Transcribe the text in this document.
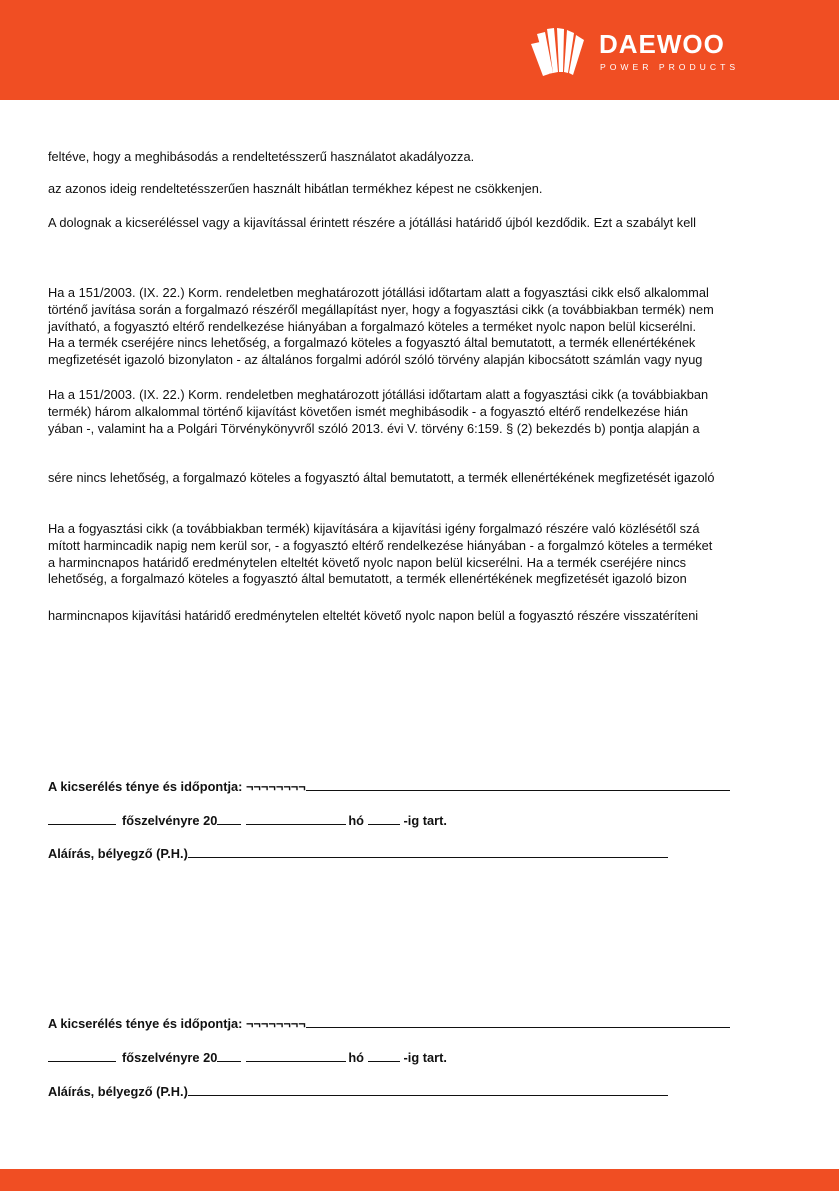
DAEWOO
POWER PRODUCTS
feltéve, hogy a meghibásodás a rendeltetésszerű használatot akadályozza.
az azonos ideig rendeltetésszerűen használt hibátlan termékhez képest ne csökkenjen.
A dolognak a kicseréléssel vagy a kijavítással érintett részére a jótállási határidő újból kezdődik. Ezt a szabályt kell
Ha a 151/2003. (IX. 22.) Korm. rendeletben meghatározott jótállási időtartam alatt a fogyasztási cikk első alkalommal
történő javítása során a forgalmazó részéről megállapítást nyer, hogy a fogyasztási cikk (a továbbiakban termék) nem
javítható, a fogyasztó eltérő rendelkezése hiányában a forgalmazó köteles a terméket nyolc napon belül kicserélni.
Ha a termék cseréjére nincs lehetőség, a forgalmazó köteles a fogyasztó által bemutatott, a termék ellenértékének
megfizetését igazoló bizonylaton - az általános forgalmi adóról szóló törvény alapján kibocsátott számlán vagy nyug
Ha a 151/2003. (IX. 22.) Korm. rendeletben meghatározott jótállási időtartam alatt a fogyasztási cikk (a továbbiakban
termék) három alkalommal történő kijavítást követően ismét meghibásodik - a fogyasztó eltérő rendelkezése hián
yában -, valamint ha a Polgári Törvénykönyvről szóló 2013. évi V. törvény 6:159. § (2) bekezdés b) pontja alapján a
sére nincs lehetőség, a forgalmazó köteles a fogyasztó által bemutatott, a termék ellenértékének megfizetését igazoló
Ha a fogyasztási cikk (a továbbiakban termék) kijavítására a kijavítási igény forgalmazó részére való közlésétől szá
mított harmincadik napig nem kerül sor, - a fogyasztó eltérő rendelkezése hiányában - a forgalmzó köteles a terméket
a harmincnapos határidő eredménytelen elteltét követő nyolc napon belül kicserélni. Ha a termék cseréjére nincs
lehetőség, a forgalmazó köteles a fogyasztó által bemutatott, a termék ellenértékének megfizetését igazoló bizon
harmincnapos kijavítási határidő eredménytelen elteltét követő nyolc napon belül a fogyasztó részére visszatéríteni
A kicserélés ténye és időpontja: ¬¬¬¬¬¬¬¬
főszelvényre 20	hó	-ig tart.
Aláírás, bélyegző (P.H.)
A kicserélés ténye és időpontja: ¬¬¬¬¬¬¬¬
főszelvényre 20	hó	-ig tart.
Aláírás, bélyegző (P.H.)
